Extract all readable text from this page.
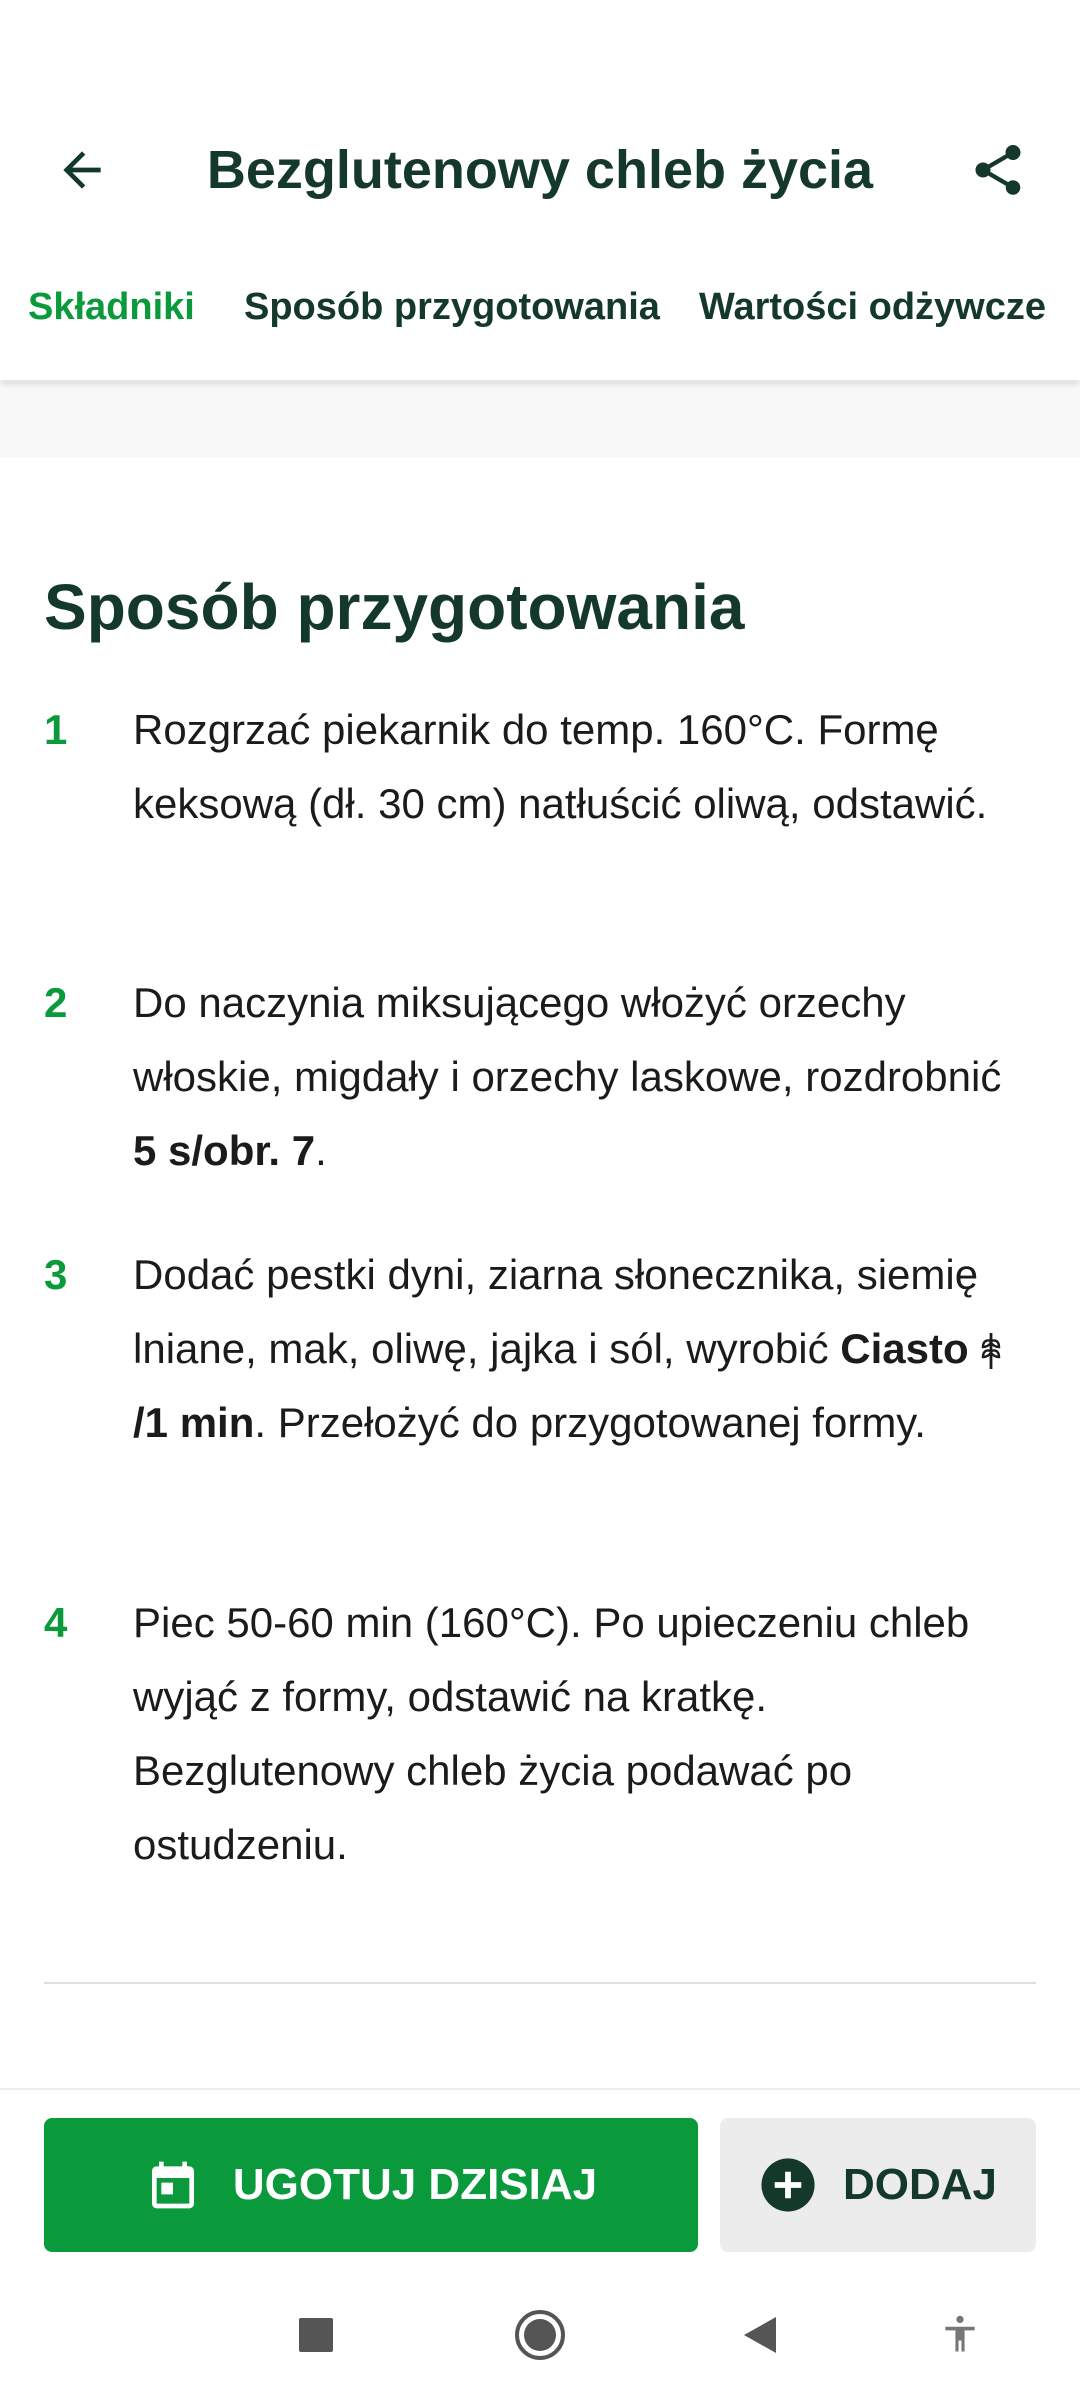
Bezglutenowy chleb życia
Składniki Sposób przygotowania Wartości odżywcze
Sposób przygotowania
1 Rozgrzać piekarnik do temp. 160°C. Formę keksową (dł. 30 cm) natłuścić oliwą, odstawić.
2 Do naczynia miksującego włożyć orzechy włoskie, migdały i orzechy laskowe, rozdrobnić 5 s/obr. 7.
3 Dodać pestki dyni, ziarna słonecznika, siemię lniane, mak, oliwę, jajka i sól, wyrobić Ciasto/1 min. Przełożyć do przygotowanej formy.
4 Piec 50-60 min (160°C). Po upieczeniu chleb wyjąć z formy, odstawić na kratkę. Bezglutenowy chleb życia podawać po ostudzeniu.
UGOTUJ DZISIAJ	DODAJ
